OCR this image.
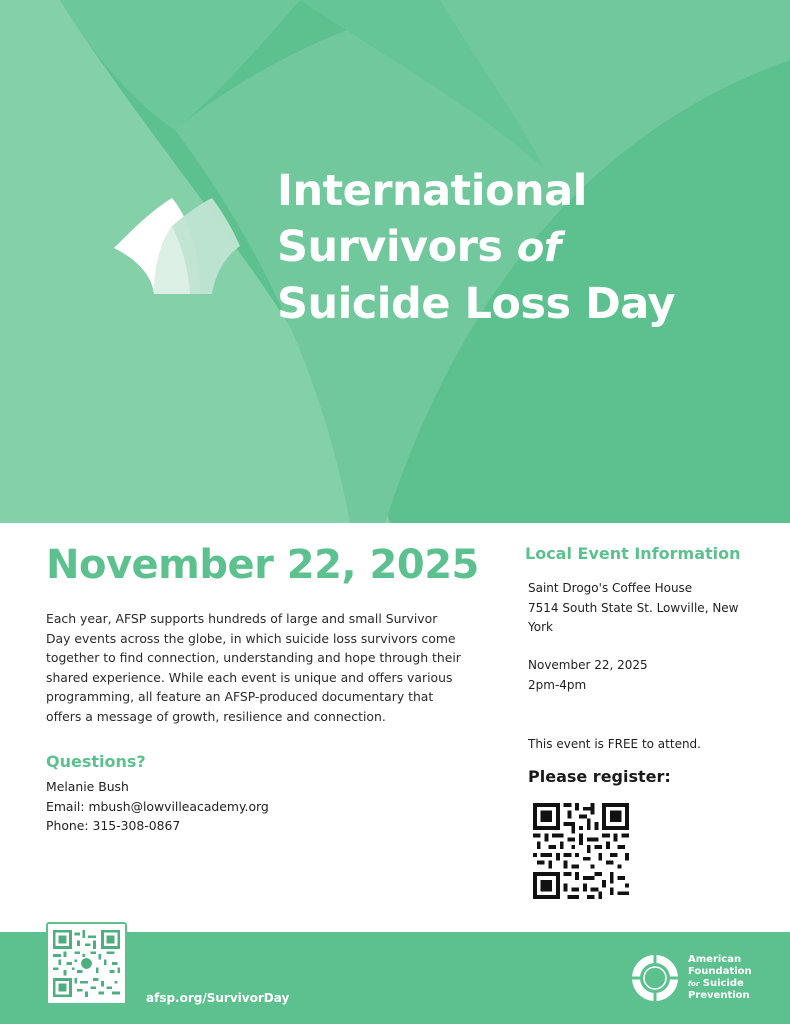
International
Survivors of
Suicide Loss Day
November 22, 2025

Each year, AFSP supports hundreds of large and small Survivor Day events across the globe, in which suicide loss survivors come together to find connection, understanding and hope through their shared experience. While each event is unique and offers various programming, all feature an AFSP-produced documentary that offers a message of growth, resilience and connection.

Questions?
Melanie Bush
Email: mbush@lowvilleacademy.org
Phone: 315-308-0867
Local Event Information
Saint Drogo's Coffee House
7514 South State St. Lowville, New York
November 22, 2025
2pm-4pm
This event is FREE to attend.
Please register:
afsp.org/SurvivorDay
American
Foundation
for Suicide
Prevention
